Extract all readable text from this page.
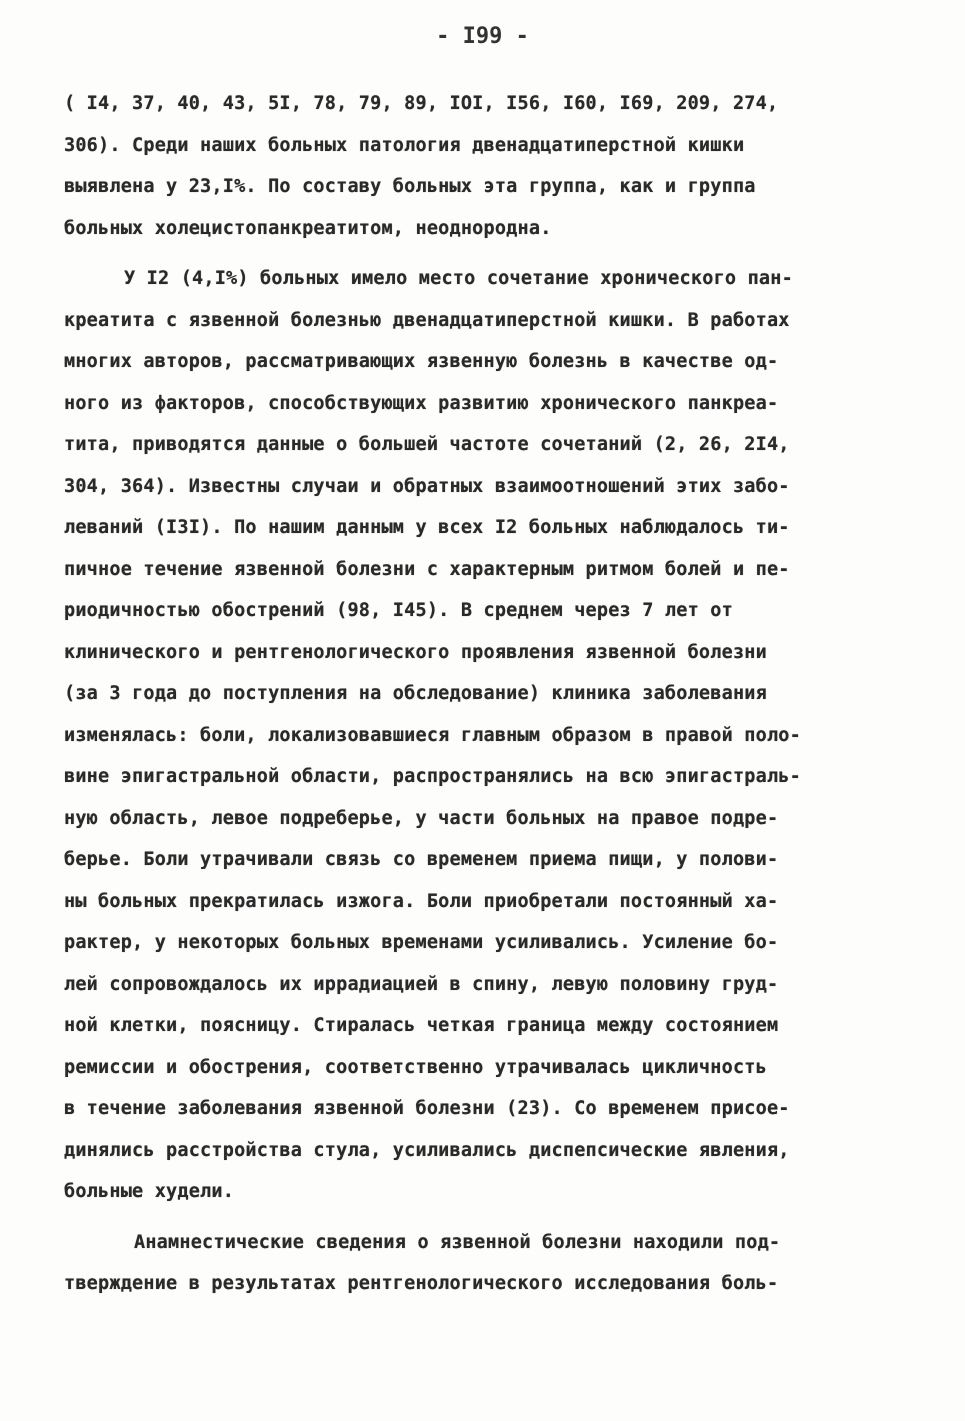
- I99 -
( I4, 37, 40, 43, 5I, 78, 79, 89, IOI, I56, I60, I69, 209, 274,
306). Среди наших больных патология двенадцатиперстной кишки
выявлена у 23,I%. По составу больных эта группа, как и группа
больных холецистопанкреатитом, неоднородна.
У I2 (4,I%) больных имело место сочетание хронического пан-
креатита с язвенной болезнью двенадцатиперстной кишки. В работах
многих авторов, рассматривающих язвенную болезнь в качестве од-
ного из факторов, способствующих развитию хронического панкреа-
тита, приводятся данные о большей частоте сочетаний (2, 26, 2I4,
304, 364). Известны случаи и обратных взаимоотношений этих забо-
леваний (I3I). По нашим данным у всех I2 больных наблюдалось ти-
пичное течение язвенной болезни с характерным ритмом болей и пе-
риодичностью обострений (98, I45). В среднем через 7 лет от
клинического и рентгенологического проявления язвенной болезни
(за 3 года до поступления на обследование) клиника заболевания
изменялась: боли, локализовавшиеся главным образом в правой поло-
вине эпигастральной области, распространялись на всю эпигастраль-
ную область, левое подреберье, у части больных на правое подре-
берье. Боли утрачивали связь со временем приема пищи, у полови-
ны больных прекратилась изжога. Боли приобретали постоянный ха-
рактер, у некоторых больных временами усиливались. Усиление бо-
лей сопровождалось их иррадиацией в спину, левую половину груд-
ной клетки, поясницу. Стиралась четкая граница между состоянием
ремиссии и обострения, соответственно утрачивалась цикличность
в течение заболевания язвенной болезни (23). Со временем присое-
динялись расстройства стула, усиливались диспепсические явления,
больные худели.
Анамнестические сведения о язвенной болезни находили под-
тверждение в результатах рентгенологического исследования боль-
